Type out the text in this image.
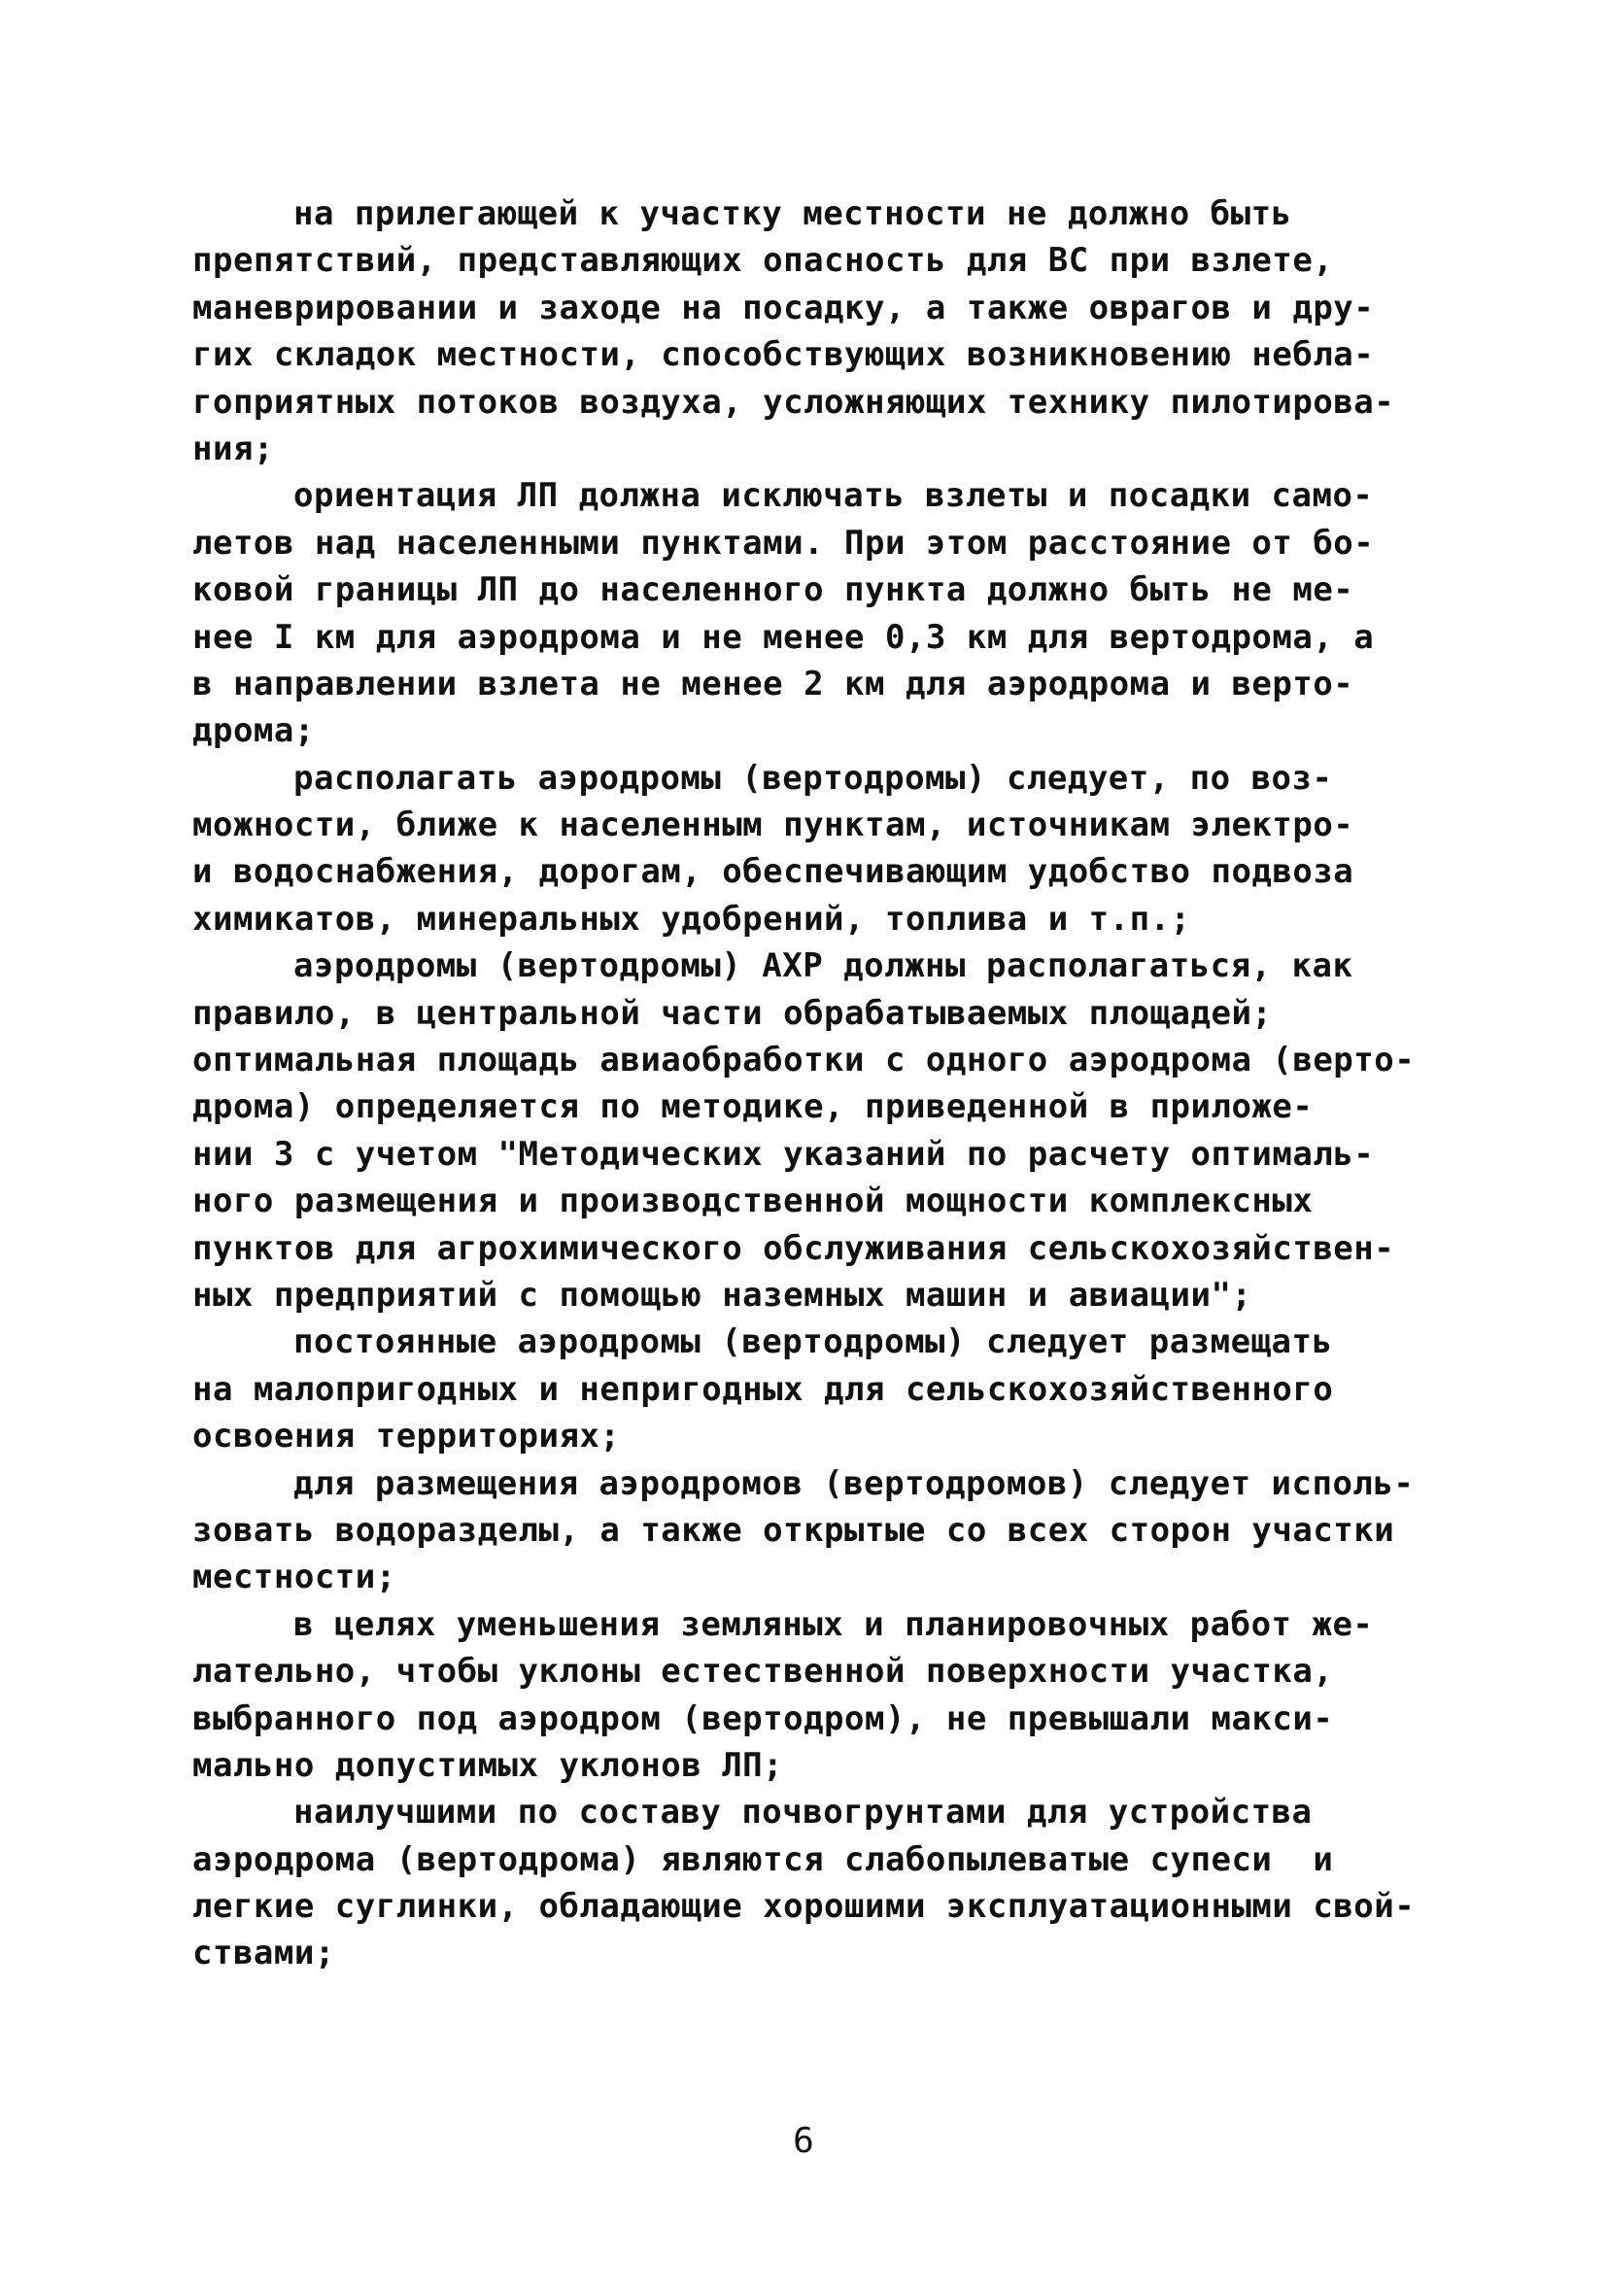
на прилегающей к участку местности не должно быть
препятствий, представляющих опасность для ВС при взлете,
маневрировании и заходе на посадку, а также оврагов и дру-
гих складок местности, способствующих возникновению небла-
гоприятных потоков воздуха, усложняющих технику пилотирова-
ния;
ориентация ЛП должна исключать взлеты и посадки само-
летов над населенными пунктами. При этом расстояние от бо-
ковой границы ЛП до населенного пункта должно быть не ме-
нее I км для аэродрома и не менее 0,3 км для вертодрома, а
в направлении взлета не менее 2 км для аэродрома и верто-
дрома;
располагать аэродромы (вертодромы) следует, по воз-
можности, ближе к населенным пунктам, источникам электро-
и водоснабжения, дорогам, обеспечивающим удобство подвоза
химикатов, минеральных удобрений, топлива и т.п.;
аэродромы (вертодромы) АХР должны располагаться, как
правило, в центральной части обрабатываемых площадей;
оптимальная площадь авиаобработки с одного аэродрома (верто-
дрома) определяется по методике, приведенной в приложе-
нии 3 с учетом "Методических указаний по расчету оптималь-
ного размещения и производственной мощности комплексных
пунктов для агрохимического обслуживания сельскохозяйствен-
ных предприятий с помощью наземных машин и авиации";
постоянные аэродромы (вертодромы) следует размещать
на малопригодных и непригодных для сельскохозяйственного
освоения территориях;
для размещения аэродромов (вертодромов) следует исполь-
зовать водоразделы, а также открытые со всех сторон участки
местности;
в целях уменьшения земляных и планировочных работ же-
лательно, чтобы уклоны естественной поверхности участка,
выбранного под аэродром (вертодром), не превышали макси-
мально допустимых уклонов ЛП;
наилучшими по составу почвогрунтами для устройства
аэродрома (вертодрома) являются слабопылеватые супеси  и
легкие суглинки, обладающие хорошими эксплуатационными свой-
ствами;
6
